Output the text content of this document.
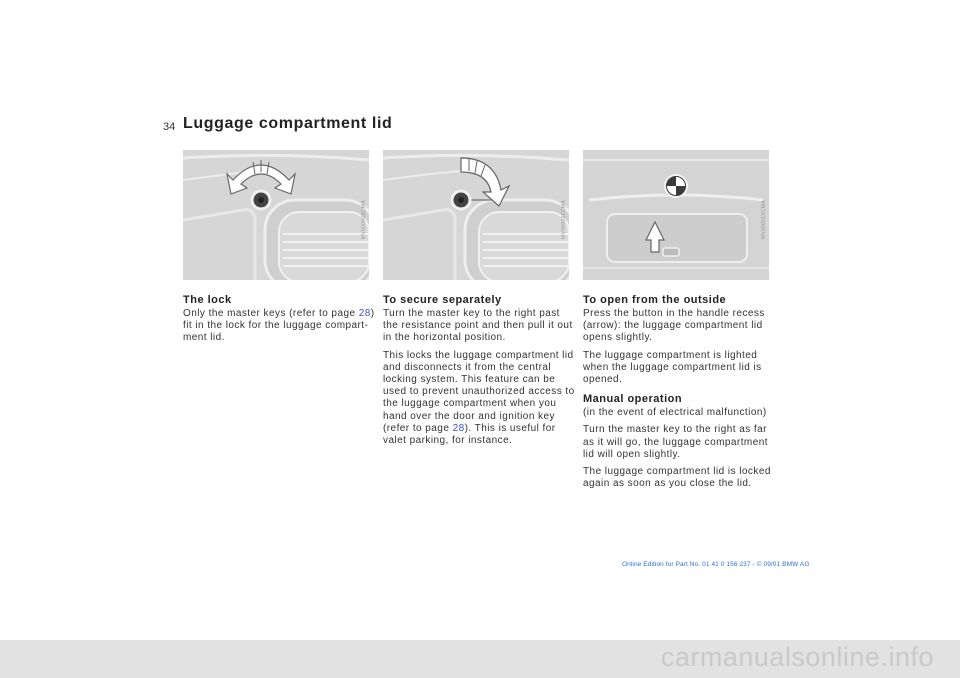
34 Luggage compartment lid
MV00000BCMA	MV00001FCMA	MV00001XCMA
The lock

Only the master keys (refer to page 28) fit in the lock for the luggage compart-ment lid.

To secure separately

Turn the master key to the right past the resistance point and then pull it out in the horizontal position.

This locks the luggage compartment lid and disconnects it from the central locking system. This feature can be used to prevent unauthorized access to the luggage compartment when you hand over the door and ignition key (refer to page 28). This is useful for valet parking, for instance.

To open from the outside

Press the button in the handle recess (arrow): the luggage compartment lid opens slightly.

The luggage compartment is lighted when the luggage compartment lid is opened.

Manual operation

(in the event of electrical malfunction)

Turn the master key to the right as far as it will go, the luggage compartment lid will open slightly.

The luggage compartment lid is locked again as soon as you close the lid.

Online Edition for Part No. 01 41 0 156 237 - © 09/01 BMW AG
carmanualsonline.info
